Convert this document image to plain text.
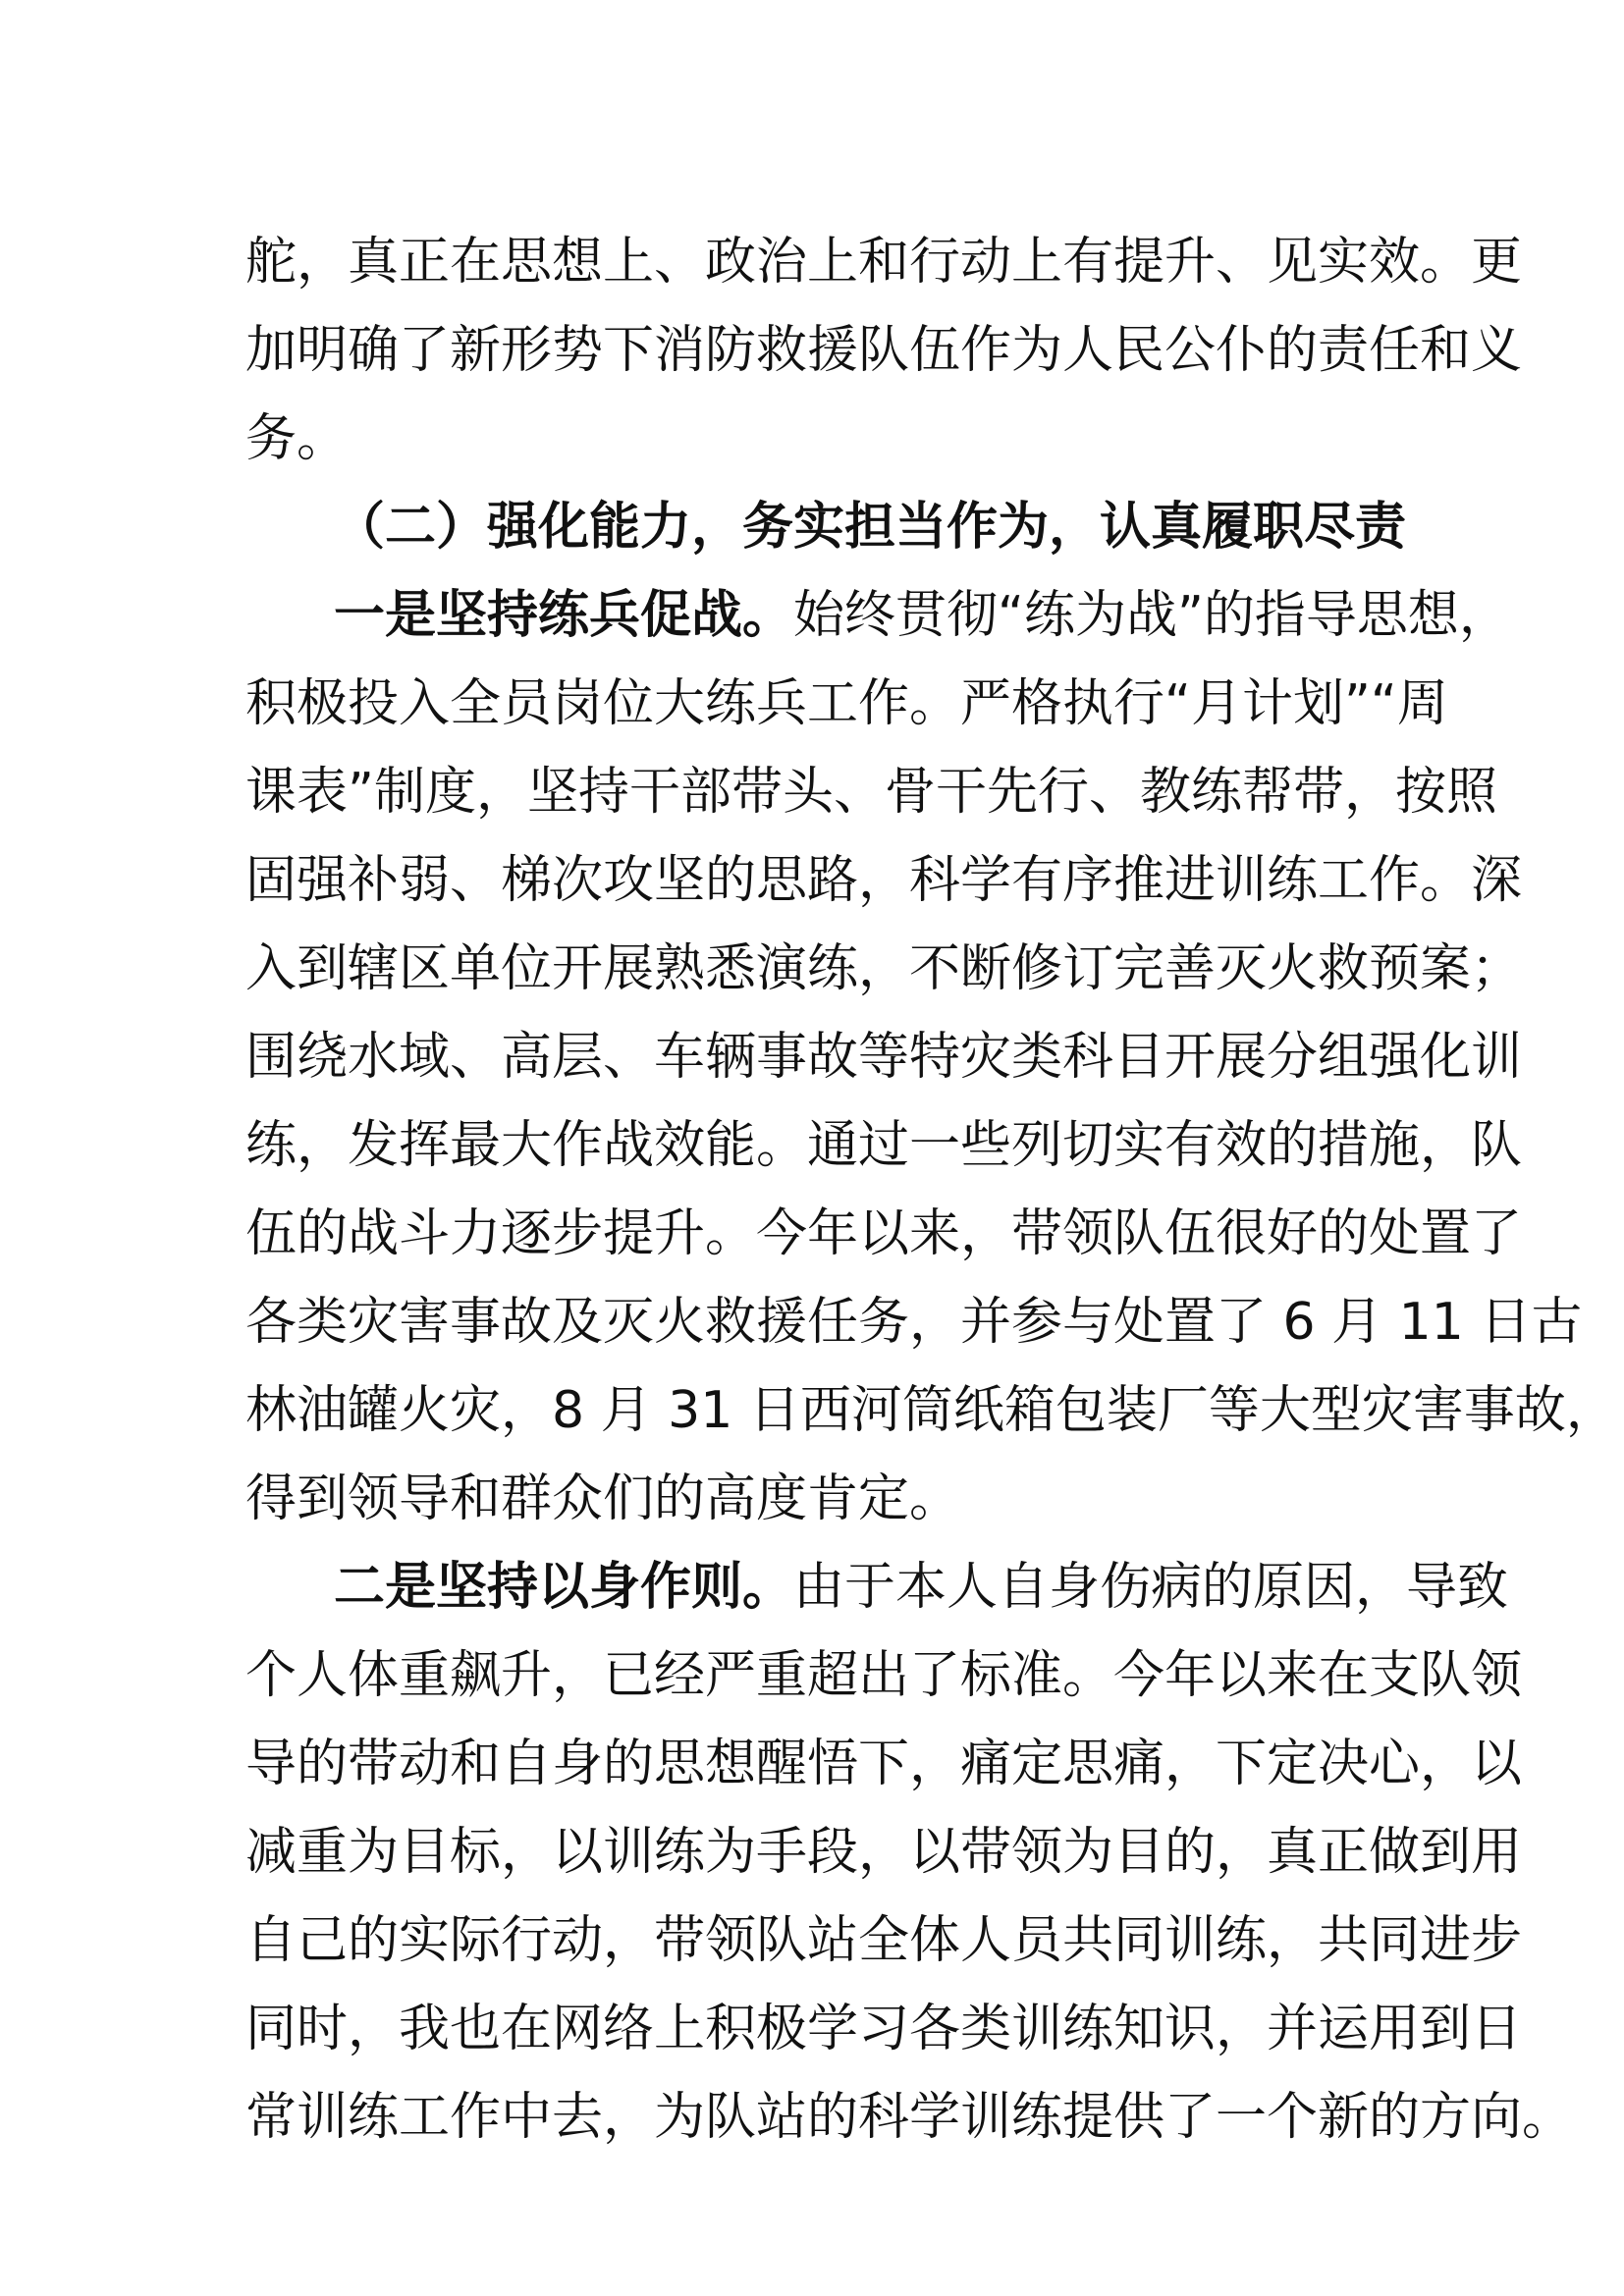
舵，真正在思想上、政治上和行动上有提升、见实效。更
加明确了新形势下消防救援队伍作为人民公仆的责任和义
务。
（二）强化能力，务实担当作为，认真履职尽责
一是坚持练兵促战。始终贯彻“练为战”的指导思想，
积极投入全员岗位大练兵工作。严格执行“月计划”“周
课表”制度，坚持干部带头、骨干先行、教练帮带，按照
固强补弱、梯次攻坚的思路，科学有序推进训练工作。深
入到辖区单位开展熟悉演练，不断修订完善灭火救预案；
围绕水域、高层、车辆事故等特灾类科目开展分组强化训
练，发挥最大作战效能。通过一些列切实有效的措施，队
伍的战斗力逐步提升。今年以来，带领队伍很好的处置了
各类灾害事故及灭火救援任务，并参与处置了 6 月 11 日古
林油罐火灾，8 月 31 日西河筒纸箱包装厂等大型灾害事故，
得到领导和群众们的高度肯定。
二是坚持以身作则。由于本人自身伤病的原因，导致
个人体重飙升，已经严重超出了标准。今年以来在支队领
导的带动和自身的思想醒悟下，痛定思痛，下定决心，以
减重为目标，以训练为手段，以带领为目的，真正做到用
自己的实际行动，带领队站全体人员共同训练，共同进步
同时，我也在网络上积极学习各类训练知识，并运用到日
常训练工作中去，为队站的科学训练提供了一个新的方向。
